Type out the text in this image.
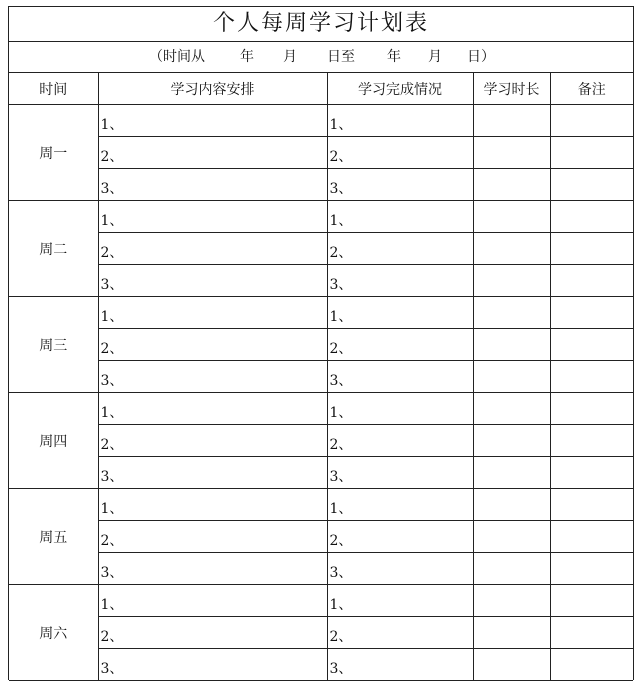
个人每周学习计划表
（时间从	年 月 日至 年 月 日）
时间	学习内容安排	学习完成情况	学习时长	备注
周一	1、	1、		
	2、	2、		
	3、	3、		
周二	1、	1、		
	2、	2、		
	3、	3、		
周三	1、	1、		
	2、	2、		
	3、	3、		
周四	1、	1、		
	2、	2、		
	3、	3、		
周五	1、	1、		
	2、	2、		
	3、	3、		
周六	1、	1、		
	2、	2、		
	3、	3、		
